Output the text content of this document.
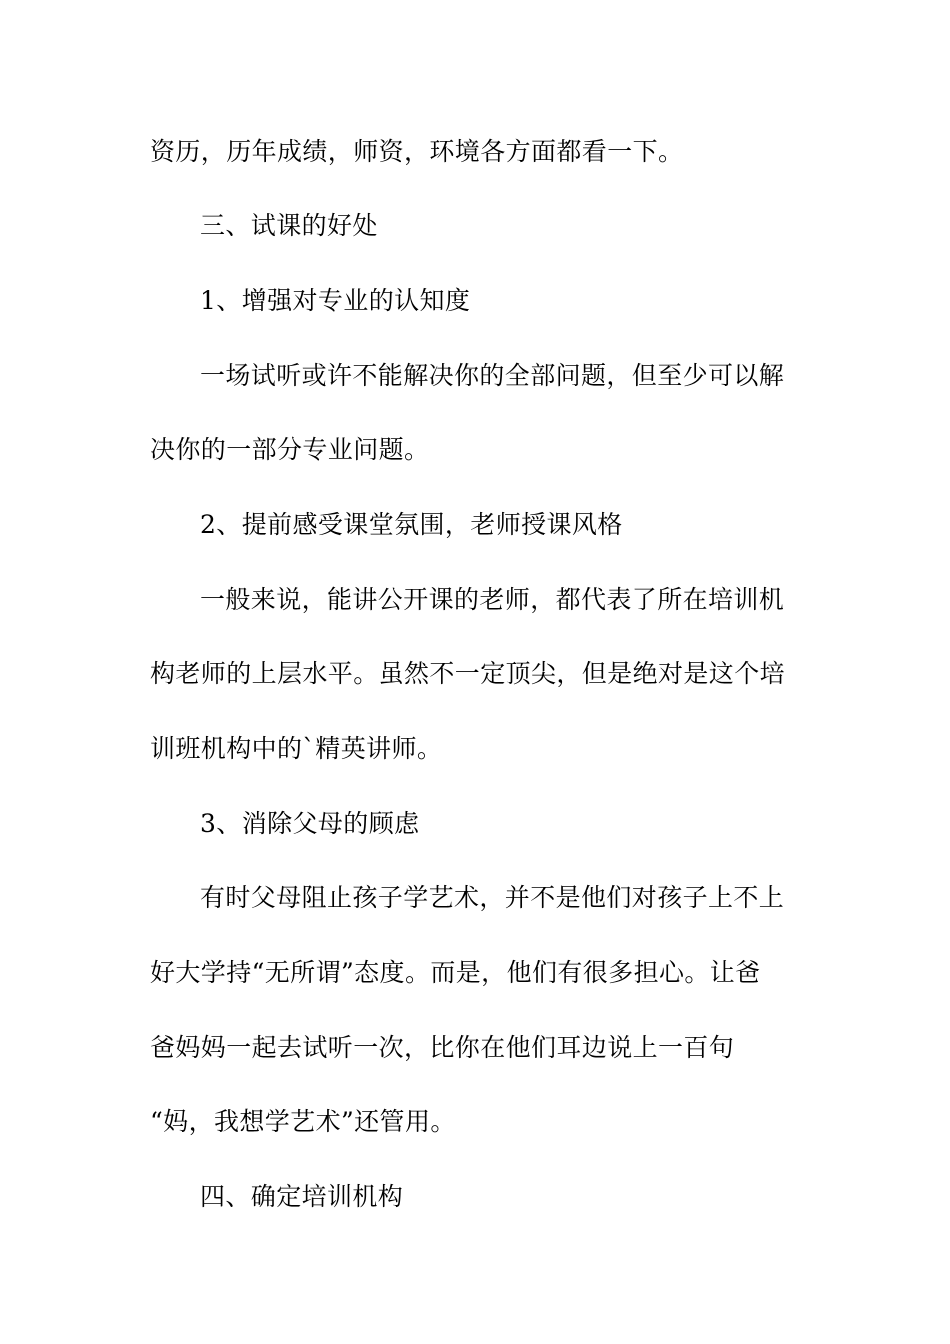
资历，历年成绩，师资，环境各方面都看一下。
三、试课的好处
1、增强对专业的认知度
一场试听或许不能解决你的全部问题，但至少可以解
决你的一部分专业问题。
2、提前感受课堂氛围，老师授课风格
一般来说，能讲公开课的老师，都代表了所在培训机
构老师的上层水平。虽然不一定顶尖，但是绝对是这个培
训班机构中的`精英讲师。
3、消除父母的顾虑
有时父母阻止孩子学艺术，并不是他们对孩子上不上
好大学持“无所谓”态度。而是，他们有很多担心。让爸
爸妈妈一起去试听一次，比你在他们耳边说上一百句
“妈，我想学艺术”还管用。
四、确定培训机构
